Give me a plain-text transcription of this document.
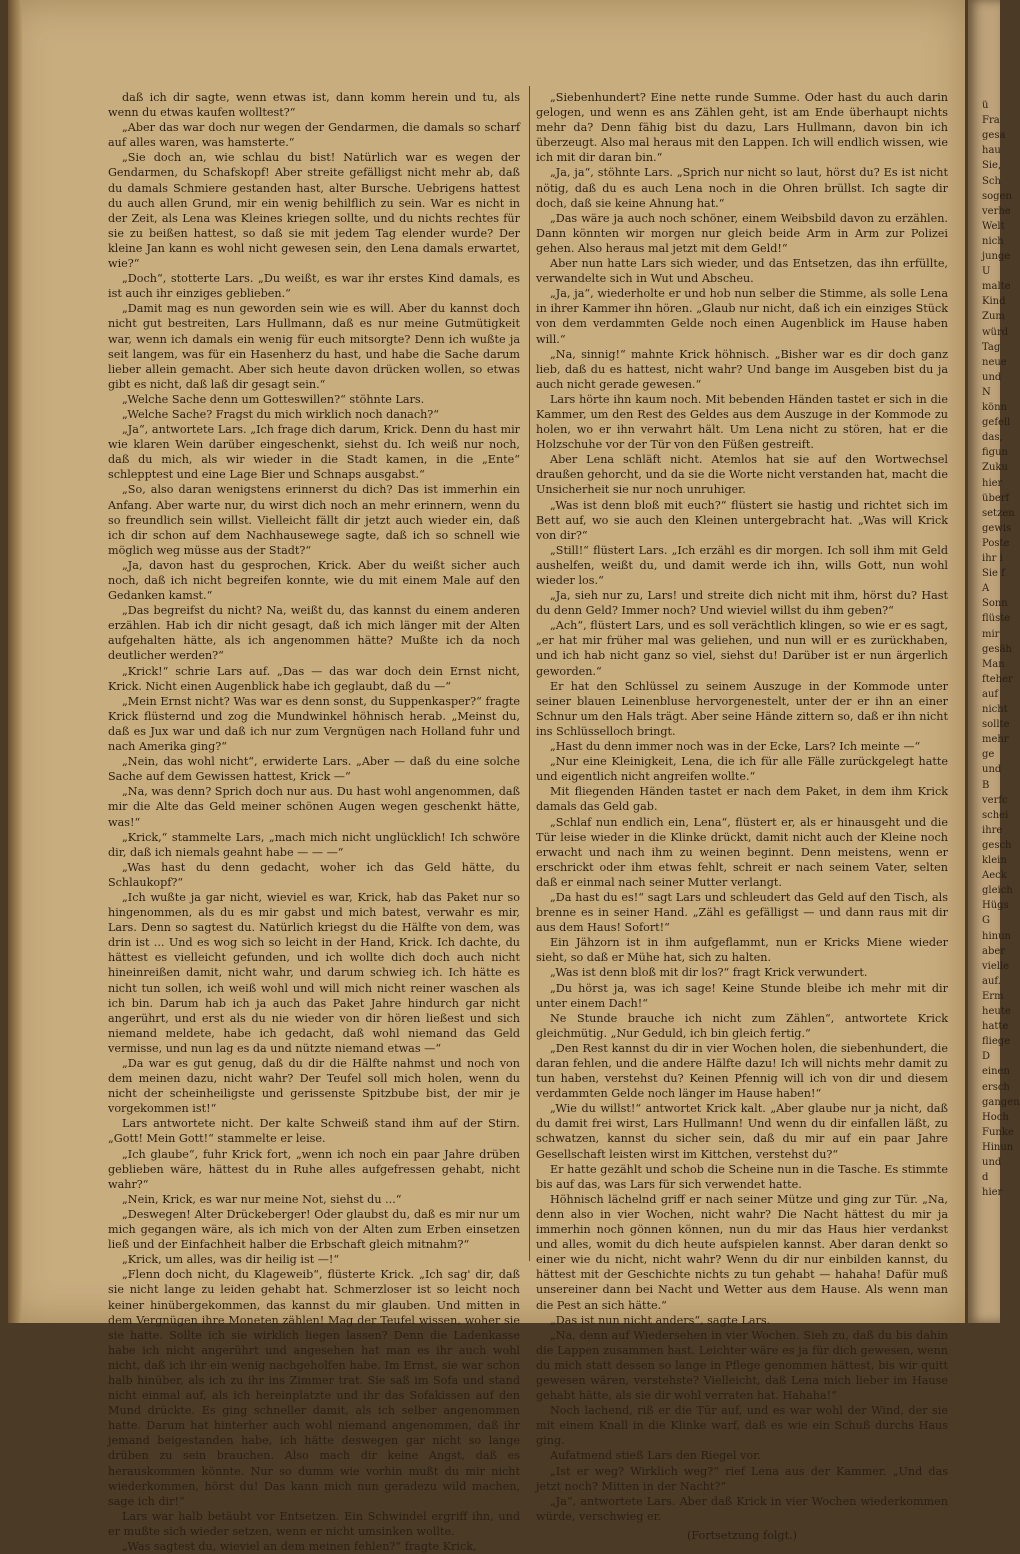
daß ich dir sagte, wenn etwas ist, dann komm herein und tu, als wenn du etwas kaufen wolltest?“

„Aber das war doch nur wegen der Gendarmen, die damals so scharf auf alles waren, was hamsterte.“

„Sie doch an, wie schlau du bist! Natürlich war es wegen der Gendarmen, du Schafskopf! Aber streite gefälligst nicht mehr ab, daß du damals Schmiere gestanden hast, alter Bursche. Uebrigens hattest du auch allen Grund, mir ein wenig behilflich zu sein. War es nicht in der Zeit, als Lena was Kleines kriegen sollte, und du nichts rechtes für sie zu beißen hattest, so daß sie mit jedem Tag elender wurde? Der kleine Jan kann es wohl nicht gewesen sein, den Lena damals erwartet, wie?“

„Doch“, stotterte Lars. „Du weißt, es war ihr erstes Kind damals, es ist auch ihr einziges geblieben.“

„Damit mag es nun geworden sein wie es will. Aber du kannst doch nicht gut bestreiten, Lars Hullmann, daß es nur meine Gutmütigkeit war, wenn ich damals ein wenig für euch mitsorgte? Denn ich wußte ja seit langem, was für ein Hasenherz du hast, und habe die Sache darum lieber allein gemacht. Aber sich heute davon drücken wollen, so etwas gibt es nicht, daß laß dir gesagt sein.“

„Welche Sache denn um Gotteswillen?“ stöhnte Lars.

„Welche Sache? Fragst du mich wirklich noch danach?“

„Ja“, antwortete Lars. „Ich frage dich darum, Krick. Denn du hast mir wie klaren Wein darüber eingeschenkt, siehst du. Ich weiß nur noch, daß du mich, als wir wieder in die Stadt kamen, in die „Ente“ schlepptest und eine Lage Bier und Schnaps ausgabst.“

„So, also daran wenigstens erinnerst du dich? Das ist immerhin ein Anfang. Aber warte nur, du wirst dich noch an mehr erinnern, wenn du so freundlich sein willst. Vielleicht fällt dir jetzt auch wieder ein, daß ich dir schon auf dem Nachhausewege sagte, daß ich so schnell wie möglich weg müsse aus der Stadt?“

„Ja, davon hast du gesprochen, Krick. Aber du weißt sicher auch noch, daß ich nicht begreifen konnte, wie du mit einem Male auf den Gedanken kamst.“

„Das begreifst du nicht? Na, weißt du, das kannst du einem anderen erzählen. Hab ich dir nicht gesagt, daß ich mich länger mit der Alten aufgehalten hätte, als ich angenommen hätte? Mußte ich da noch deutlicher werden?“

„Krick!“ schrie Lars auf. „Das — das war doch dein Ernst nicht, Krick. Nicht einen Augenblick habe ich geglaubt, daß du —“

„Mein Ernst nicht? Was war es denn sonst, du Suppenkasper?“ fragte Krick flüsternd und zog die Mundwinkel höhnisch herab. „Meinst du, daß es Jux war und daß ich nur zum Vergnügen nach Holland fuhr und nach Amerika ging?“

„Nein, das wohl nicht“, erwiderte Lars. „Aber — daß du eine solche Sache auf dem Gewissen hattest, Krick —“

„Na, was denn? Sprich doch nur aus. Du hast wohl angenommen, daß mir die Alte das Geld meiner schönen Augen wegen geschenkt hätte, was!“

„Krick,“ stammelte Lars, „mach mich nicht unglücklich! Ich schwöre dir, daß ich niemals geahnt habe — — —“

„Was hast du denn gedacht, woher ich das Geld hätte, du Schlaukopf?“

„Ich wußte ja gar nicht, wieviel es war, Krick, hab das Paket nur so hingenommen, als du es mir gabst und mich batest, verwahr es mir, Lars. Denn so sagtest du. Natürlich kriegst du die Hälfte von dem, was drin ist ... Und es wog sich so leicht in der Hand, Krick. Ich dachte, du hättest es vielleicht gefunden, und ich wollte dich doch auch nicht hineinreißen damit, nicht wahr, und darum schwieg ich. Ich hätte es nicht tun sollen, ich weiß wohl und will mich nicht reiner waschen als ich bin. Darum hab ich ja auch das Paket Jahre hindurch gar nicht angerührt, und erst als du nie wieder von dir hören ließest und sich niemand meldete, habe ich gedacht, daß wohl niemand das Geld vermisse, und nun lag es da und nützte niemand etwas —“

„Da war es gut genug, daß du dir die Hälfte nahmst und noch von dem meinen dazu, nicht wahr? Der Teufel soll mich holen, wenn du nicht der scheinheiligste und gerissenste Spitzbube bist, der mir je vorgekommen ist!“

Lars antwortete nicht. Der kalte Schweiß stand ihm auf der Stirn. „Gott! Mein Gott!“ stammelte er leise.

„Ich glaube“, fuhr Krick fort, „wenn ich noch ein paar Jahre drüben geblieben wäre, hättest du in Ruhe alles aufgefressen gehabt, nicht wahr?“

„Nein, Krick, es war nur meine Not, siehst du ...“

„Deswegen! Alter Drückeberger! Oder glaubst du, daß es mir nur um mich gegangen wäre, als ich mich von der Alten zum Erben einsetzen ließ und der Einfachheit halber die Erbschaft gleich mitnahm?“

„Krick, um alles, was dir heilig ist —!“

„Flenn doch nicht, du Klageweib“, flüsterte Krick. „Ich sag' dir, daß sie nicht lange zu leiden gehabt hat. Schmerzloser ist so leicht noch keiner hinübergekommen, das kannst du mir glauben. Und mitten in dem Vergnügen ihre Moneten zählen! Mag der Teufel wissen, woher sie sie hatte. Sollte ich sie wirklich liegen lassen? Denn die Ladenkasse habe ich nicht angerührt und angesehen hat man es ihr auch wohl nicht, daß ich ihr ein wenig nachgeholfen habe. Im Ernst, sie war schon halb hinüber, als ich zu ihr ins Zimmer trat. Sie saß im Sofa und stand nicht einmal auf, als ich hereinplatzte und ihr das Sofakissen auf den Mund drückte. Es ging schneller damit, als ich selber angenommen hatte. Darum hat hinterher auch wohl niemand angenommen, daß ihr jemand beigestanden habe, ich hätte deswegen gar nicht so lange drüben zu sein brauchen. Also mach dir keine Angst, daß es herauskommen könnte. Nur so dumm wie vorhin mußt du mir nicht wiederkommen, hörst du! Das kann mich nun geradezu wild machen, sage ich dir!“

Lars war halb betäubt vor Entsetzen. Ein Schwindel ergriff ihn, und er mußte sich wieder setzen, wenn er nicht umsinken wollte.

„Was sagtest du, wieviel an dem meinen fehlen?“ fragte Krick,

„Siebenhundert? Eine nette runde Summe. Oder hast du auch darin gelogen, und wenn es ans Zählen geht, ist am Ende überhaupt nichts mehr da? Denn fähig bist du dazu, Lars Hullmann, davon bin ich überzeugt. Also mal heraus mit den Lappen. Ich will endlich wissen, wie ich mit dir daran bin.“

„Ja, ja“, stöhnte Lars. „Sprich nur nicht so laut, hörst du? Es ist nicht nötig, daß du es auch Lena noch in die Ohren brüllst. Ich sagte dir doch, daß sie keine Ahnung hat.“

„Das wäre ja auch noch schöner, einem Weibsbild davon zu erzählen. Dann könnten wir morgen nur gleich beide Arm in Arm zur Polizei gehen. Also heraus mal jetzt mit dem Geld!“

Aber nun hatte Lars sich wieder, und das Entsetzen, das ihn erfüllte, verwandelte sich in Wut und Abscheu.

„Ja, ja“, wiederholte er und hob nun selber die Stimme, als solle Lena in ihrer Kammer ihn hören. „Glaub nur nicht, daß ich ein einziges Stück von dem verdammten Gelde noch einen Augenblick im Hause haben will.“

„Na, sinnig!“ mahnte Krick höhnisch. „Bisher war es dir doch ganz lieb, daß du es hattest, nicht wahr? Und bange im Ausgeben bist du ja auch nicht gerade gewesen.“

Lars hörte ihn kaum noch. Mit bebenden Händen tastet er sich in die Kammer, um den Rest des Geldes aus dem Auszuge in der Kommode zu holen, wo er ihn verwahrt hält. Um Lena nicht zu stören, hat er die Holzschuhe vor der Tür von den Füßen gestreift.

Aber Lena schläft nicht. Atemlos hat sie auf den Wortwechsel draußen gehorcht, und da sie die Worte nicht verstanden hat, macht die Unsicherheit sie nur noch unruhiger.

„Was ist denn bloß mit euch?“ flüstert sie hastig und richtet sich im Bett auf, wo sie auch den Kleinen untergebracht hat. „Was will Krick von dir?“

„Still!“ flüstert Lars. „Ich erzähl es dir morgen. Ich soll ihm mit Geld aushelfen, weißt du, und damit werde ich ihn, wills Gott, nun wohl wieder los.“

„Ja, sieh nur zu, Lars! und streite dich nicht mit ihm, hörst du? Hast du denn Geld? Immer noch? Und wieviel willst du ihm geben?“

„Ach“, flüstert Lars, und es soll verächtlich klingen, so wie er es sagt, „er hat mir früher mal was geliehen, und nun will er es zurückhaben, und ich hab nicht ganz so viel, siehst du! Darüber ist er nun ärgerlich geworden.“

Er hat den Schlüssel zu seinem Auszuge in der Kommode unter seiner blauen Leinenbluse hervorgenestelt, unter der er ihn an einer Schnur um den Hals trägt. Aber seine Hände zittern so, daß er ihn nicht ins Schlüsselloch bringt.

„Hast du denn immer noch was in der Ecke, Lars? Ich meinte —“

„Nur eine Kleinigkeit, Lena, die ich für alle Fälle zurückgelegt hatte und eigentlich nicht angreifen wollte.“

Mit fliegenden Händen tastet er nach dem Paket, in dem ihm Krick damals das Geld gab.

„Schlaf nun endlich ein, Lena“, flüstert er, als er hinausgeht und die Tür leise wieder in die Klinke drückt, damit nicht auch der Kleine noch erwacht und nach ihm zu weinen beginnt. Denn meistens, wenn er erschrickt oder ihm etwas fehlt, schreit er nach seinem Vater, selten daß er einmal nach seiner Mutter verlangt.

„Da hast du es!“ sagt Lars und schleudert das Geld auf den Tisch, als brenne es in seiner Hand. „Zähl es gefälligst — und dann raus mit dir aus dem Haus! Sofort!“

Ein Jähzorn ist in ihm aufgeflammt, nun er Kricks Miene wieder sieht, so daß er Mühe hat, sich zu halten.

„Was ist denn bloß mit dir los?“ fragt Krick verwundert.

„Du hörst ja, was ich sage! Keine Stunde bleibe ich mehr mit dir unter einem Dach!“

Ne Stunde brauche ich nicht zum Zählen“, antwortete Krick gleichmütig. „Nur Geduld, ich bin gleich fertig.“

„Den Rest kannst du dir in vier Wochen holen, die siebenhundert, die daran fehlen, und die andere Hälfte dazu! Ich will nichts mehr damit zu tun haben, verstehst du? Keinen Pfennig will ich von dir und diesem verdammten Gelde noch länger im Hause haben!“

„Wie du willst!“ antwortet Krick kalt. „Aber glaube nur ja nicht, daß du damit frei wirst, Lars Hullmann! Und wenn du dir einfallen läßt, zu schwatzen, kannst du sicher sein, daß du mir auf ein paar Jahre Gesellschaft leisten wirst im Kittchen, verstehst du?“

Er hatte gezählt und schob die Scheine nun in die Tasche. Es stimmte bis auf das, was Lars für sich verwendet hatte.

Höhnisch lächelnd griff er nach seiner Mütze und ging zur Tür. „Na, denn also in vier Wochen, nicht wahr? Die Nacht hättest du mir ja immerhin noch gönnen können, nun du mir das Haus hier verdankst und alles, womit du dich heute aufspielen kannst. Aber daran denkt so einer wie du nicht, nicht wahr? Wenn du dir nur einbilden kannst, du hättest mit der Geschichte nichts zu tun gehabt — hahaha! Dafür muß unsereiner dann bei Nacht und Wetter aus dem Hause. Als wenn man die Pest an sich hätte.“

„Das ist nun nicht anders“, sagte Lars.

„Na, denn auf Wiedersehen in vier Wochen. Sieh zu, daß du bis dahin die Lappen zusammen hast. Leichter wäre es ja für dich gewesen, wenn du mich statt dessen so lange in Pflege genommen hättest, bis wir quitt gewesen wären, verstehste? Vielleicht, daß Lena mich lieber im Hause gehabt hätte, als sie dir wohl verraten hat. Hahaha!“

Noch lachend, riß er die Tür auf, und es war wohl der Wind, der sie mit einem Knall in die Klinke warf, daß es wie ein Schuß durchs Haus ging.

Aufatmend stieß Lars den Riegel vor.

„Ist er weg? Wirklich weg?“ rief Lena aus der Kammer. „Und das jetzt noch? Mitten in der Nacht?“

„Ja“, antwortete Lars. Aber daß Krick in vier Wochen wiederkommen würde, verschwieg er.

(Fortsetzung folgt.)

ü
Fra
gesa
hau
Sie,
Sch
sogen
verhe
Welt
nich
junge
U
malte
Kind
Zum
würd
Tag
neue
und
N
könn
gefell
das,
figun
Zuku
hier
überf
setzen
gewis
Poste
ihr i
Sie f
A
Sonn
flüste
mir
gesäh
Man
fteher
auf
nicht
sollte
mehr
ge
und
B
verfc
schei
ihre
gesch
klein
Aeck
gleich
Hügs
G
hinun
aber
vielle
auf.
Erm
heute
hatte
fliege
D
einen
ersch
gangen
Hoch
Funke
Hinun
und
d
hier
